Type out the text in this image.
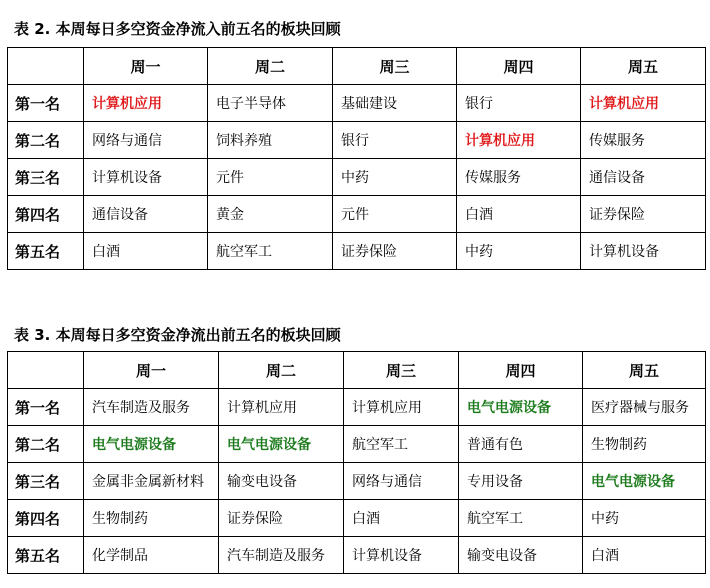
表 2. 本周每日多空资金净流入前五名的板块回顾
	周一	周二	周三	周四	周五
第一名	计算机应用	电子半导体	基础建设	银行	计算机应用
第二名	网络与通信	饲料养殖	银行	计算机应用	传媒服务
第三名	计算机设备	元件	中药	传媒服务	通信设备
第四名	通信设备	黄金	元件	白酒	证券保险
第五名	白酒	航空军工	证券保险	中药	计算机设备
表 3. 本周每日多空资金净流出前五名的板块回顾
	周一	周二	周三	周四	周五
第一名	汽车制造及服务	计算机应用	计算机应用	电气电源设备	医疗器械与服务
第二名	电气电源设备	电气电源设备	航空军工	普通有色	生物制药
第三名	金属非金属新材料	输变电设备	网络与通信	专用设备	电气电源设备
第四名	生物制药	证券保险	白酒	航空军工	中药
第五名	化学制品	汽车制造及服务	计算机设备	输变电设备	白酒
